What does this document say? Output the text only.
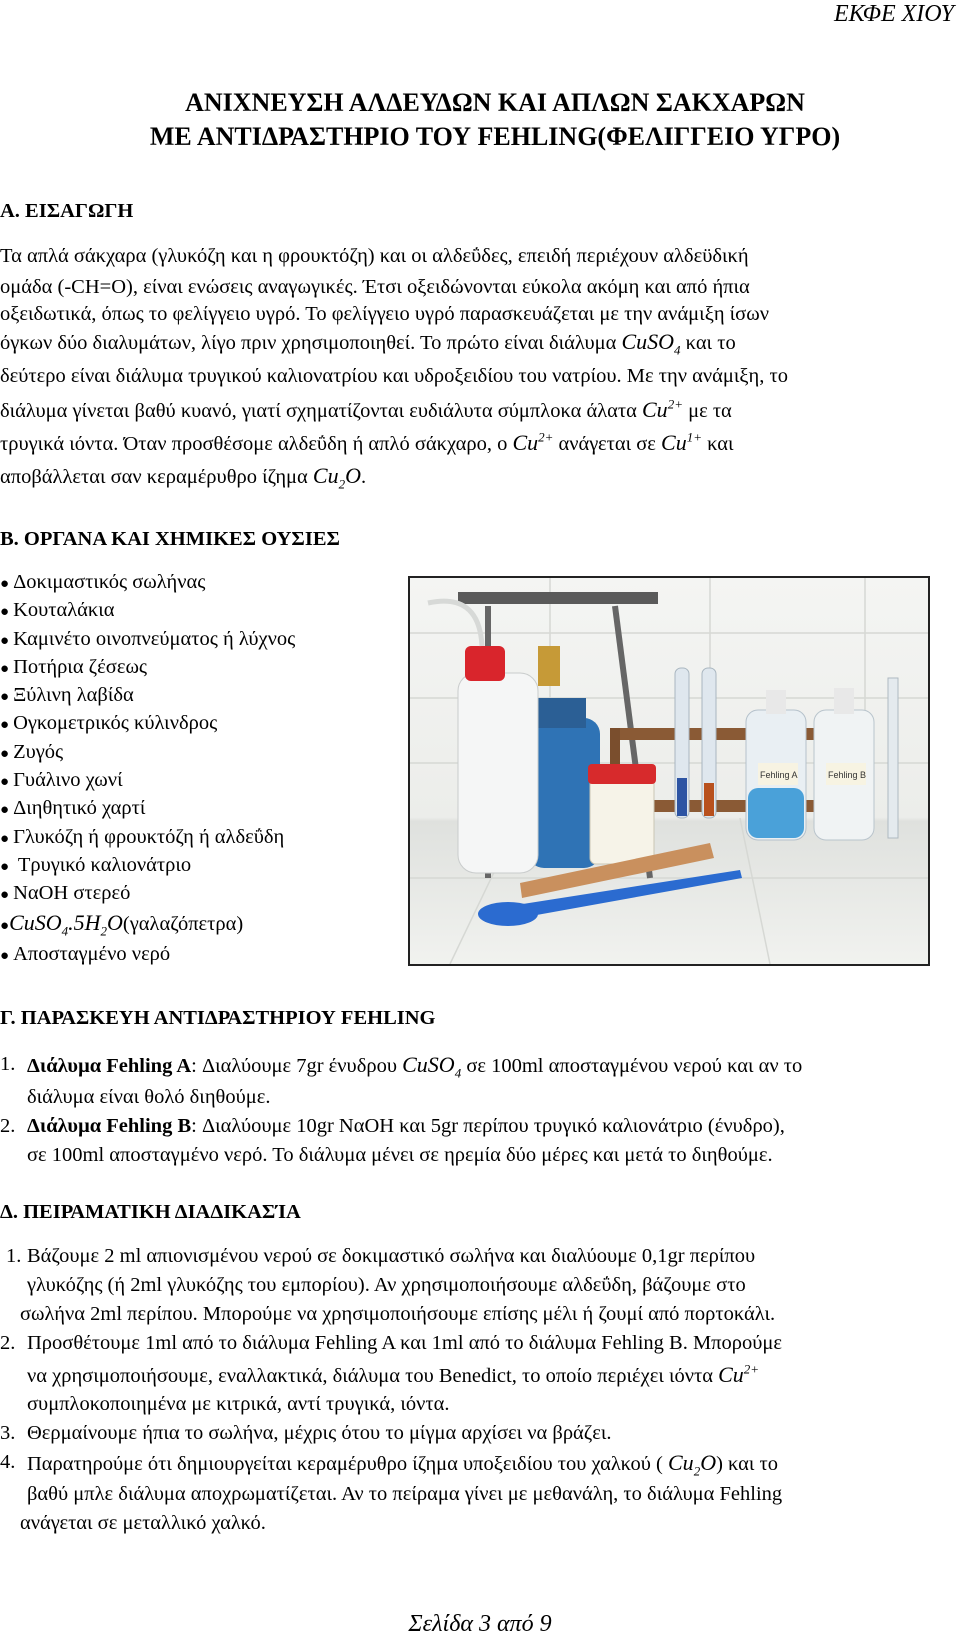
ΕΚΦΕ ΧΙΟΥ
ΑΝΙΧΝΕΥΣΗ ΑΛΔΕΥΔΩΝ ΚΑΙ ΑΠΛΩΝ ΣΑΚΧΑΡΩΝ
ΜΕ ΑΝΤΙΔΡΑΣΤΗΡΙΟ ΤΟΥ FEHLING(ΦΕΛΙΓΓΕΙΟ ΥΓΡΟ)
Α. ΕΙΣΑΓΩΓΗ
Τα απλά σάκχαρα (γλυκόζη και η φρουκτόζη) και οι αλδεΰδες, επειδή περιέχουν αλδεϋδική
ομάδα (-CH=O), είναι ενώσεις αναγωγικές. Έτσι οξειδώνονται εύκολα ακόμη και από ήπια
οξειδωτικά, όπως το φελίγγειο υγρό. Το φελίγγειο υγρό παρασκευάζεται με την ανάμιξη ίσων
όγκων δύο διαλυμάτων, λίγο πριν χρησιμοποιηθεί. Το πρώτο είναι διάλυμα CuSO$_4$ και το
δεύτερο είναι διάλυμα τρυγικού καλιονατρίου και υδροξειδίου του νατρίου. Με την ανάμιξη, το
διάλυμα γίνεται βαθύ κυανό, γιατί σχηματίζονται ευδιάλυτα σύμπλοκα άλατα $Cu^{2+}$ με τα
τρυγικά ιόντα. Όταν προσθέσομε αλδεΰδη ή απλό σάκχαρο, ο $Cu^{2+}$ ανάγεται σε $Cu^{1+}$ και
αποβάλλεται σαν κεραμέρυθρο ίζημα $Cu_2O$.
Β. ΟΡΓΑΝΑ ΚΑΙ ΧΗΜΙΚΕΣ ΟΥΣΙΕΣ
● Δοκιμαστικός σωλήνας
● Κουταλάκια
● Καμινέτο οινοπνεύματος ή λύχνος
● Ποτήρια ζέσεως
● Ξύλινη λαβίδα
● Ογκομετρικός κύλινδρος
● Ζυγός
● Γυάλινο χωνί
● Διηθητικό χαρτί
● Γλυκόζη ή φρουκτόζη ή αλδεΰδη
● Τρυγικό καλιονάτριο
● ΝαΟΗ στερεό
$●CuSO_4.5H_2O(\gamma\alpha\lambda\alpha\zeta ό\pi\varepsilon\tau\rho\alpha)$
● Αποσταγμένο νερό
Fehling A	Fehling B
Γ. ΠΑΡΑΣΚΕΥΗ ΑΝΤΙΔΡΑΣΤΗΡΙΟΥ FEHLING
1. Διάλυμα Fehling A: Διαλύουμε 7gr ένυδρου CuSO$_4$ σε 100ml αποσταγμένου νερού και αν το
διάλυμα είναι θολό διηθούμε.
2. Διάλυμα Fehling B: Διαλύουμε 10gr ΝαΟΗ και 5gr περίπου τρυγικό καλιονάτριο (ένυδρο),
σε 100ml αποσταγμένο νερό. Το διάλυμα μένει σε ηρεμία δύο μέρες και μετά το διηθούμε.
Δ. ΠΕΙΡΑΜΑΤΙΚΗ ΔΙΑΔΙΚΑΣΊΑ
1. Βάζουμε 2 ml απιονισμένου νερού σε δοκιμαστικό σωλήνα και διαλύουμε 0,1gr περίπου
γλυκόζης (ή 2ml γλυκόζης του εμπορίου). Αν χρησιμοποιήσουμε αλδεΰδη, βάζουμε στο
σωλήνα 2ml περίπου. Μπορούμε να χρησιμοποιήσουμε επίσης μέλι ή ζουμί από πορτοκάλι.
2. Προσθέτουμε 1ml από το διάλυμα Fehling A και 1ml από το διάλυμα Fehling B. Μπορούμε
να χρησιμοποιήσουμε, εναλλακτικά, διάλυμα του Benedict, το οποίο περιέχει ιόντα $Cu^{2+}$
συμπλοκοποιημένα με κιτρικά, αντί τρυγικά, ιόντα.
3. Θερμαίνουμε ήπια το σωλήνα, μέχρις ότου το μίγμα αρχίσει να βράζει.
4. Παρατηρούμε ότι δημιουργείται κεραμέρυθρο ίζημα υποξειδίου του χαλκού ( $Cu_2O$) και το
βαθύ μπλε διάλυμα αποχρωματίζεται. Αν το πείραμα γίνει με μεθανάλη, το διάλυμα Fehling
ανάγεται σε μεταλλικό χαλκό.
Σελίδα 3 από 9
